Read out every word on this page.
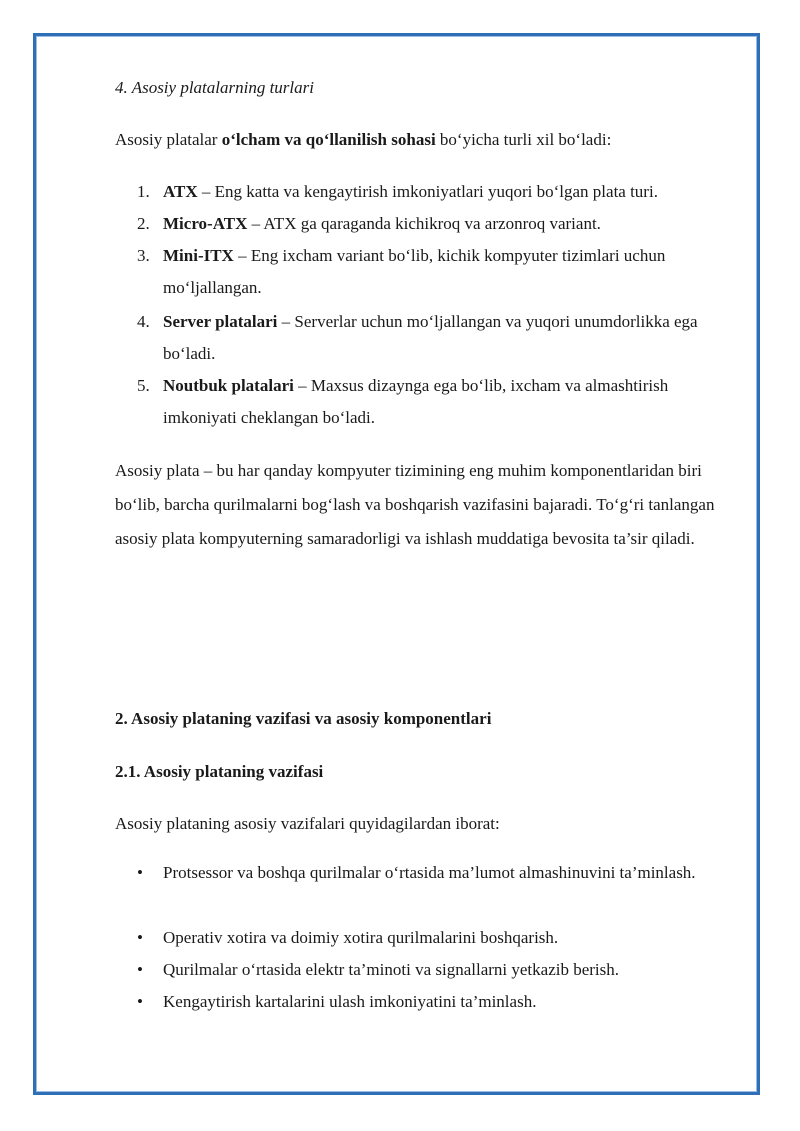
4. Asosiy platalarning turlari
Asosiy platalar o‘lcham va qo‘llanilish sohasi bo‘yicha turli xil bo‘ladi:
1. ATX – Eng katta va kengaytirish imkoniyatlari yuqori bo‘lgan plata turi.
2. Micro-ATX – ATX ga qaraganda kichikroq va arzonroq variant.
3. Mini-ITX – Eng ixcham variant bo‘lib, kichik kompyuter tizimlari uchun mo‘ljallangan.
4. Server platalari – Serverlar uchun mo‘ljallangan va yuqori unumdorlikka ega bo‘ladi.
5. Noutbuk platalari – Maxsus dizaynga ega bo‘lib, ixcham va almashtirish imkoniyati cheklangan bo‘ladi.
Asosiy plata – bu har qanday kompyuter tizimining eng muhim komponentlaridan biri bo‘lib, barcha qurilmalarni bog‘lash va boshqarish vazifasini bajaradi. To‘g‘ri tanlangan asosiy plata kompyuterning samaradorligi va ishlash muddatiga bevosita ta’sir qiladi.
2. Asosiy plataning vazifasi va asosiy komponentlari
2.1. Asosiy plataning vazifasi
Asosiy plataning asosiy vazifalari quyidagilardan iborat:
• Protsessor va boshqa qurilmalar o‘rtasida ma’lumot almashinuvini ta’minlash.
• Operativ xotira va doimiy xotira qurilmalarini boshqarish.
• Qurilmalar o‘rtasida elektr ta’minoti va signallarni yetkazib berish.
• Kengaytirish kartalarini ulash imkoniyatini ta’minlash.
